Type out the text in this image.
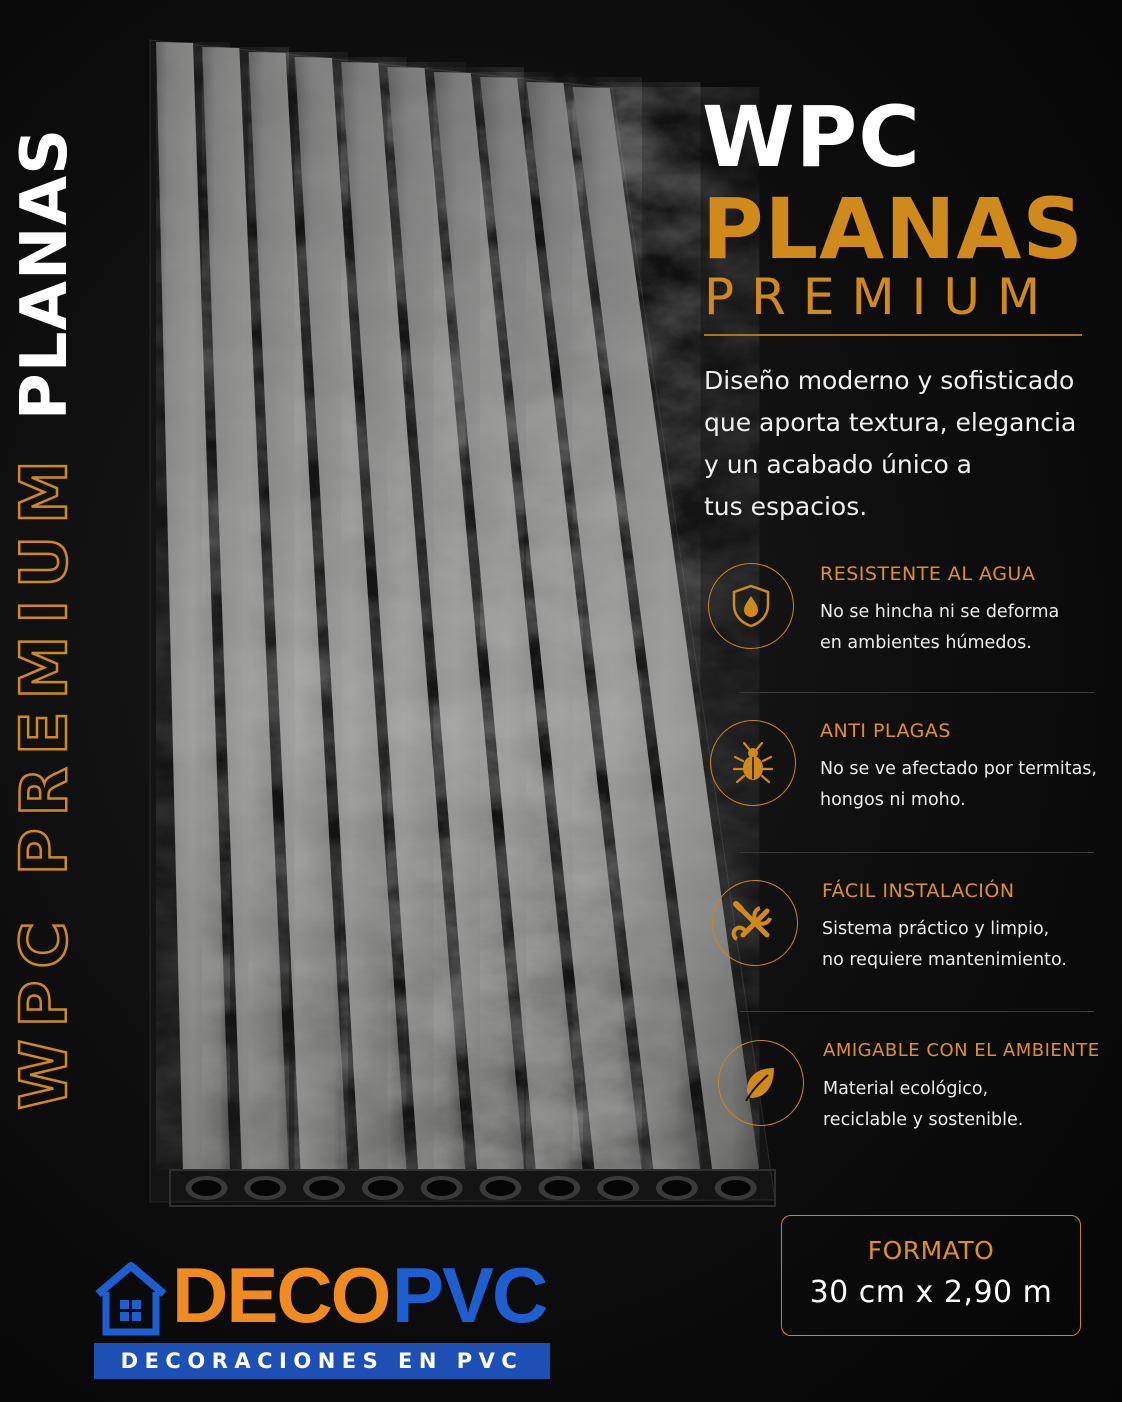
WPC PREMIUMPLANAS	WPC
PLANAS
PREMIUM
Diseño moderno y sofisticado
que aporta textura, elegancia
y un acabado único a
tus espacios.
RESISTENTE AL AGUA
No se hincha ni se deforma
en ambientes húmedos.
ANTI PLAGAS
No se ve afectado por termitas,
hongos ni moho.
FÁCIL INSTALACIÓN
Sistema práctico y limpio,
no requiere mantenimiento.
AMIGABLE CON EL AMBIENTE
Material ecológico,
reciclable y sostenible.
FORMATO
30 cm x 2,90 m
DECO PVC
DECORACIONES EN PVC
